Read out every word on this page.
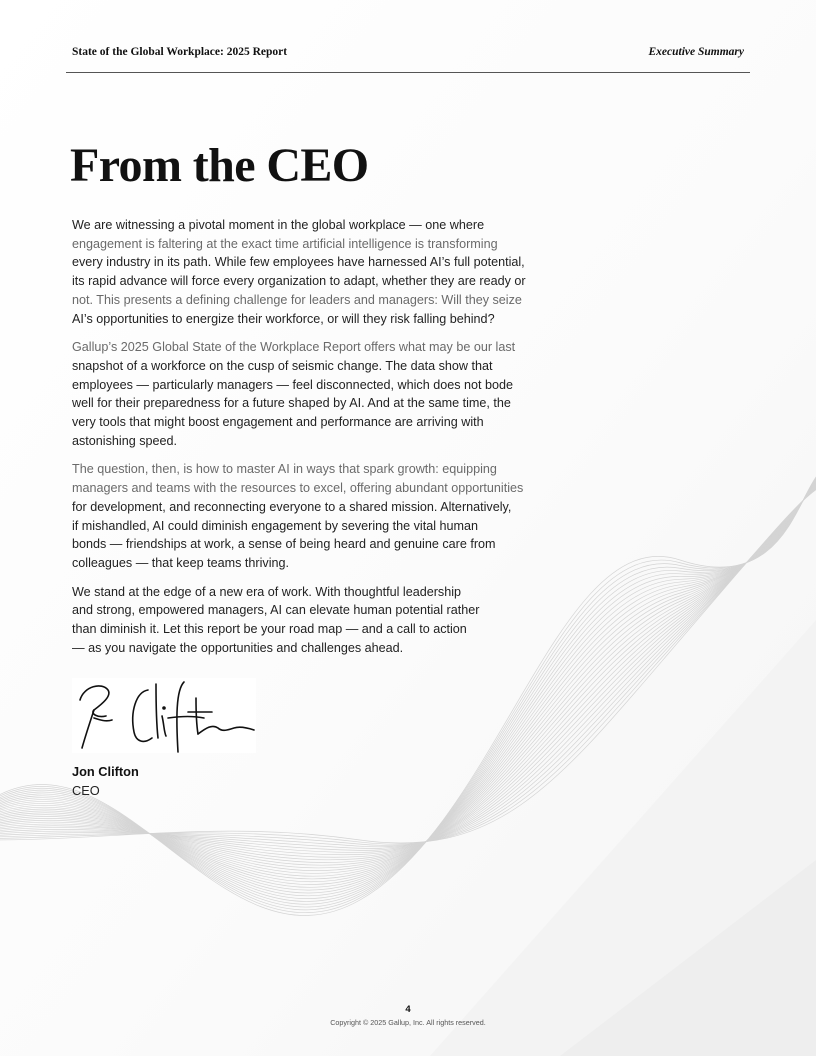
State of the Global Workplace: 2025 Report	Executive Summary
From the CEO

We are witnessing a pivotal moment in the global workplace — one where
engagement is faltering at the exact time artificial intelligence is transforming
every industry in its path. While few employees have harnessed AI’s full potential,
its rapid advance will force every organization to adapt, whether they are ready or
not. This presents a defining challenge for leaders and managers: Will they seize
AI’s opportunities to energize their workforce, or will they risk falling behind?

Gallup’s 2025 Global State of the Workplace Report offers what may be our last
snapshot of a workforce on the cusp of seismic change. The data show that
employees — particularly managers — feel disconnected, which does not bode
well for their preparedness for a future shaped by AI. And at the same time, the
very tools that might boost engagement and performance are arriving with
astonishing speed.

The question, then, is how to master AI in ways that spark growth: equipping
managers and teams with the resources to excel, offering abundant opportunities
for development, and reconnecting everyone to a shared mission. Alternatively,
if mishandled, AI could diminish engagement by severing the vital human
bonds — friendships at work, a sense of being heard and genuine care from
colleagues — that keep teams thriving.

We stand at the edge of a new era of work. With thoughtful leadership
and strong, empowered managers, AI can elevate human potential rather
than diminish it. Let this report be your road map — and a call to action
— as you navigate the opportunities and challenges ahead.

Jon Clifton
CEO
4
Copyright © 2025 Gallup, Inc. All rights reserved.
